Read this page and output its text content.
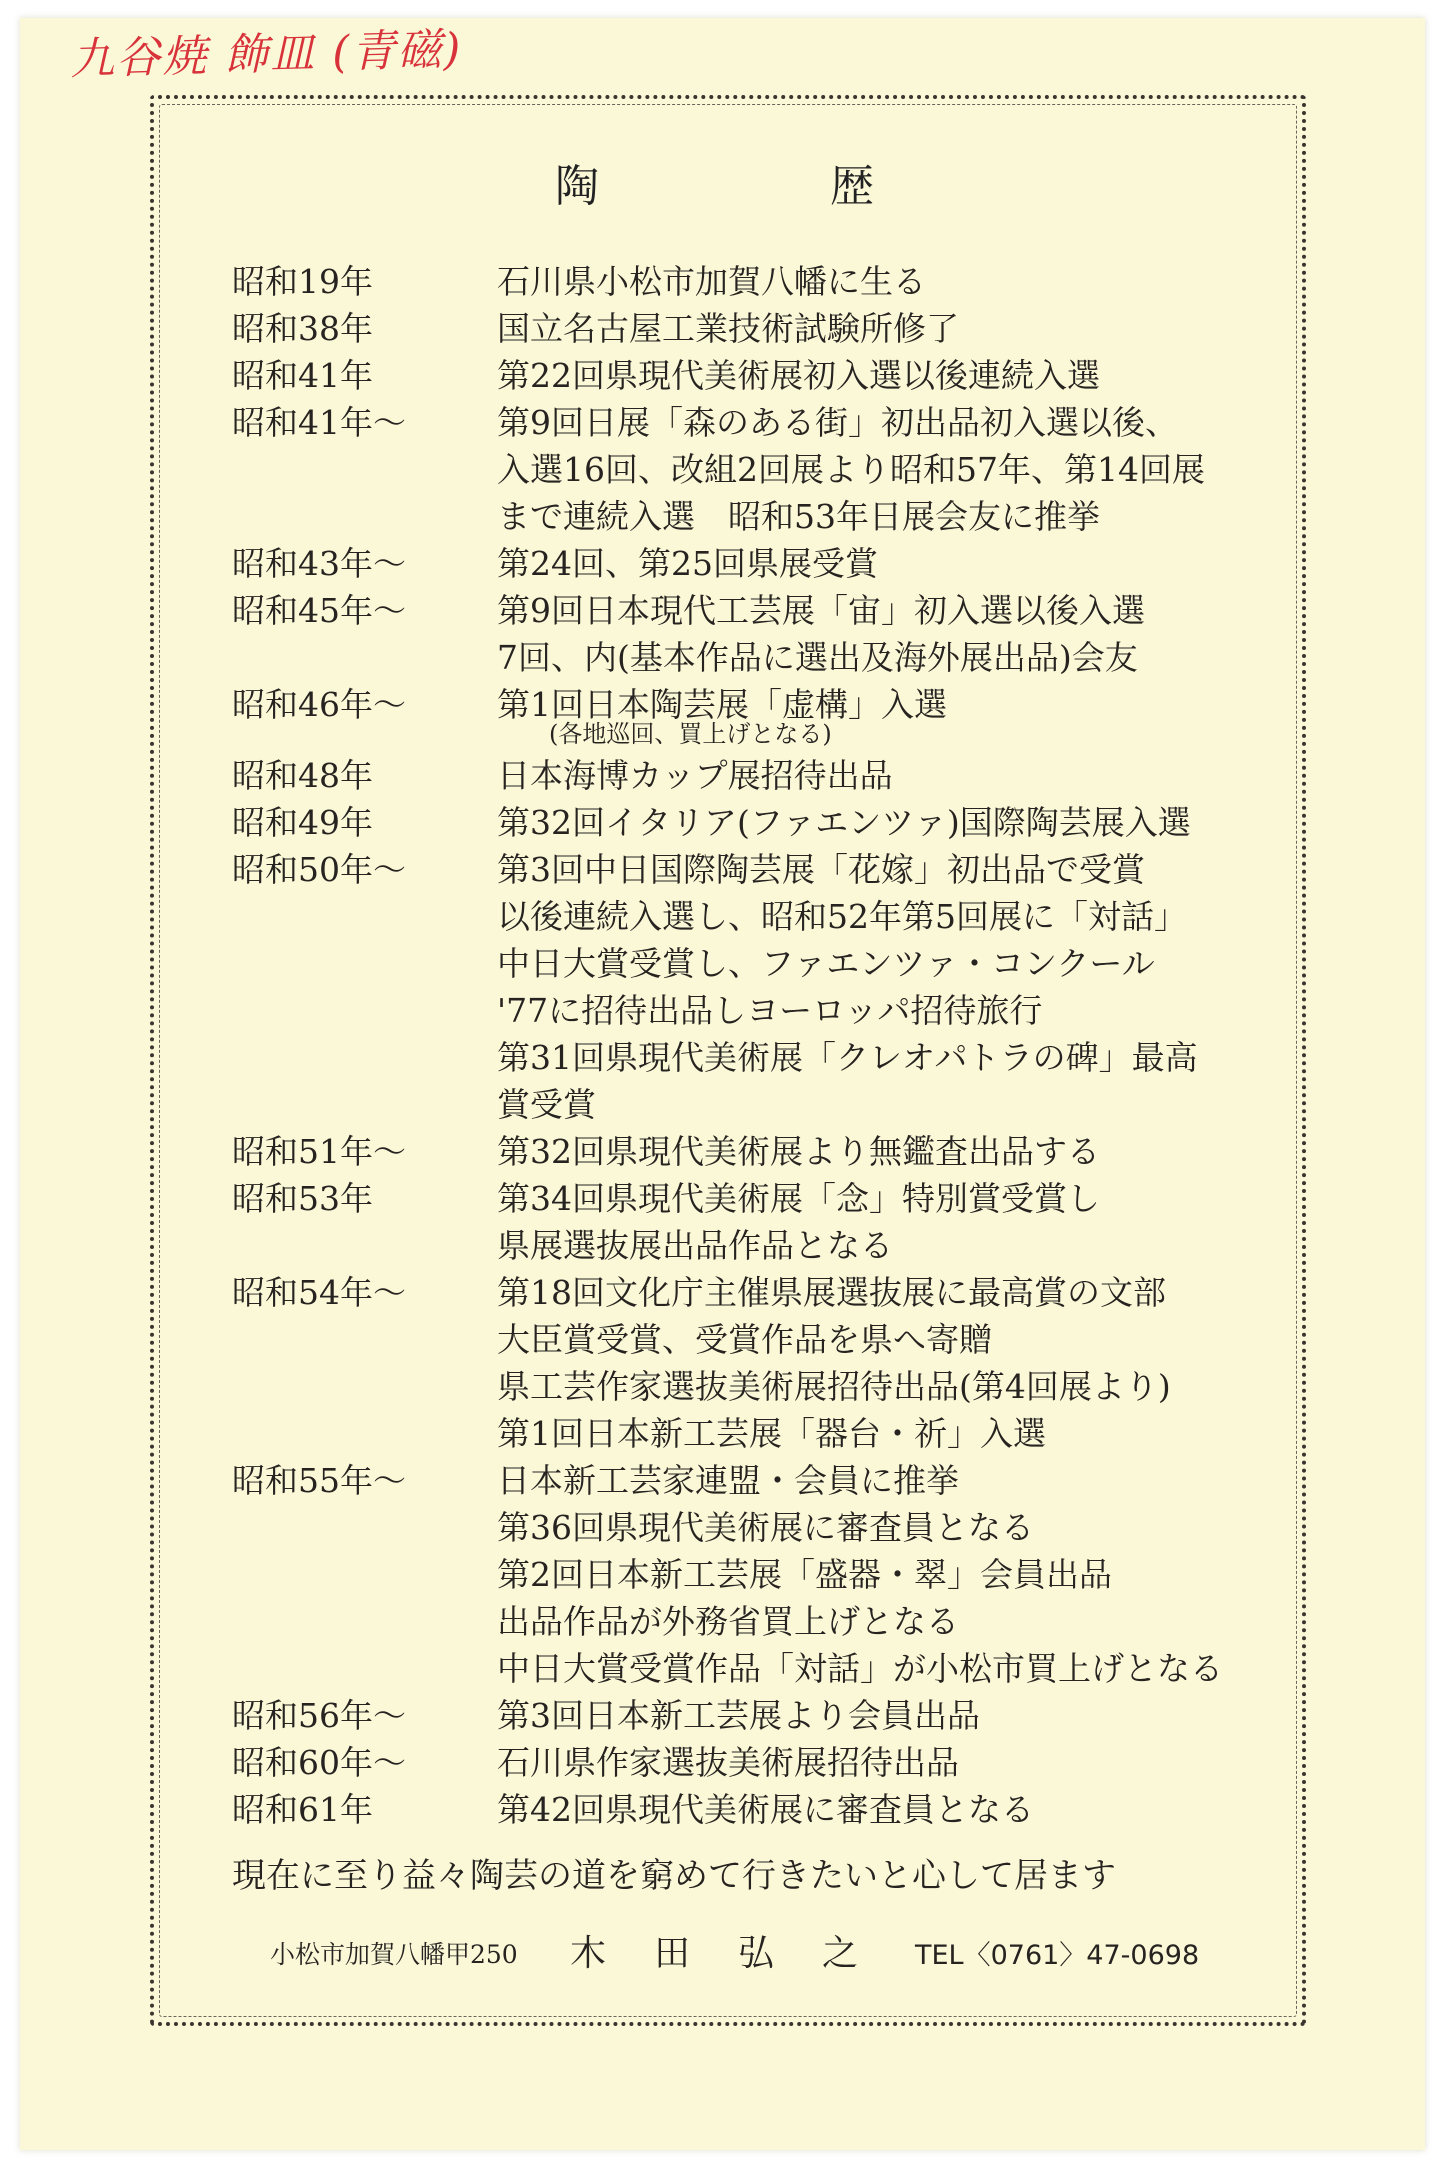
九谷焼 飾皿 (青磁)
陶	歴
昭和19年	石川県小松市加賀八幡に生る
昭和38年	国立名古屋工業技術試験所修了
昭和41年	第22回県現代美術展初入選以後連続入選
昭和41年〜	第9回日展「森のある街」初出品初入選以後、
入選16回、改組2回展より昭和57年、第14回展
まで連続入選　昭和53年日展会友に推挙
昭和43年〜	第24回、第25回県展受賞
昭和45年〜	第9回日本現代工芸展「宙」初入選以後入選
7回、内(基本作品に選出及海外展出品)会友
昭和46年〜	第1回日本陶芸展「虚構」入選
(各地巡回、買上げとなる)
昭和48年	日本海博カップ展招待出品
昭和49年	第32回イタリア(ファエンツァ)国際陶芸展入選
昭和50年〜	第3回中日国際陶芸展「花嫁」初出品で受賞
以後連続入選し、昭和52年第5回展に「対話」
中日大賞受賞し、ファエンツァ・コンクール
'77に招待出品しヨーロッパ招待旅行
第31回県現代美術展「クレオパトラの碑」最高
賞受賞
昭和51年〜	第32回県現代美術展より無鑑査出品する
昭和53年	第34回県現代美術展「念」特別賞受賞し
県展選抜展出品作品となる
昭和54年〜	第18回文化庁主催県展選抜展に最高賞の文部
大臣賞受賞、受賞作品を県へ寄贈
県工芸作家選抜美術展招待出品(第4回展より)
第1回日本新工芸展「器台・祈」入選
昭和55年〜	日本新工芸家連盟・会員に推挙
第36回県現代美術展に審査員となる
第2回日本新工芸展「盛器・翠」会員出品
出品作品が外務省買上げとなる
中日大賞受賞作品「対話」が小松市買上げとなる
昭和56年〜	第3回日本新工芸展より会員出品
昭和60年〜	石川県作家選抜美術展招待出品
昭和61年	第42回県現代美術展に審査員となる
現在に至り益々陶芸の道を窮めて行きたいと心して居ます
小松市加賀八幡甲250 木田弘之 TEL〈0761〉47-0698
